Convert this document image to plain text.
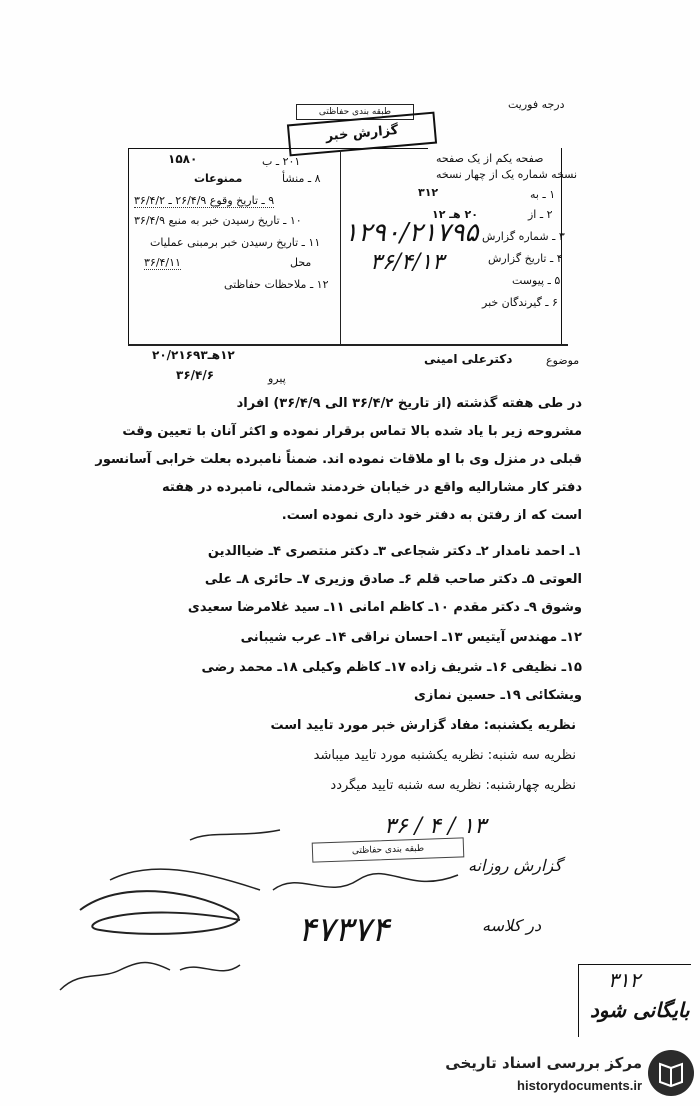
درجه فوریت
طبقه بندی حفاظتی
گزارش خبر
صفحه یکم از یک صفحه
نسخه شماره یک از چهار نسخه
۱۵۸۰	۲۰۱ ـ ب
ممنوعات	۸ ـ منشأ
۹ ـ تاریخ وقوع ۲۶/۴/۹ ـ ۳۶/۴/۲
۱۰ ـ تاریخ رسیدن خبر به منبع ۳۶/۴/۹
۱۱ ـ تاریخ رسیدن خبر برمبنی عملیات
محل
۳۶/۴/۱۱
۱۲ ـ ملاحظات حفاظتی
۱ ـ به
۳۱۲
۲ ـ از
۲۰ هـ ۱۲
۳ ـ شماره گزارش
۱۲۹۰/۲۱۷۹۵
۴ ـ تاریخ گزارش
۳۶/۴/۱۳
۵ ـ پیوست
۶ ـ گیرندگان خبر
موضوع
دکترعلی امینی
۱۲هـ۲۰/۲۱۶۹۳
پیرو
۳۶/۴/۶
در طی هفته گذشته (از تاریخ ۳۶/۴/۲ الی ۳۶/۴/۹) افراد
مشروحه زیر با یاد شده بالا تماس برقرار نموده و اکثر آنان با تعیین وقت
قبلی در منزل وی با او ملاقات نموده اند. ضمناً نامبرده بعلت خرابی آسانسور
دفتر کار مشارالیه واقع در خیابان خردمند شمالی، نامبرده در هفته
است که از رفتن به دفتر خود داری نموده است.
۱ـ احمد نامدار ۲ـ دکتر شجاعی ۳ـ دکتر منتصری ۴ـ ضیاالدین
العوتی ۵ـ دکتر صاحب قلم ۶ـ صادق وزیری ۷ـ حائری ۸ـ علی
وشوق ۹ـ دکتر مقدم ۱۰ـ کاظم امانی ۱۱ـ سید غلامرضا سعیدی
۱۲ـ مهندس آیتیس ۱۳ـ احسان نراقی ۱۴ـ عرب شیبانی
۱۵ـ نظیفی ۱۶ـ شریف زاده ۱۷ـ کاظم وکیلی ۱۸ـ محمد رضی
ویشکائی ۱۹ـ حسین نمازی
نظریه یکشنبه: مفاد گزارش خبر مورد تایید است
نظریه سه شنبه: نظریه یکشنبه مورد تایید میباشد
نظریه چهارشنبه: نظریه سه شنبه تایید میگردد
۱۳ / ۴ / ۳۶
گزارش روزانه
طبقه بندی حفاظتی
۴۷۳۷۴	در کلاسه
۳۱۲
بایگانی شود
مرکز بررسی اسناد تاریخی
historydocuments.ir
